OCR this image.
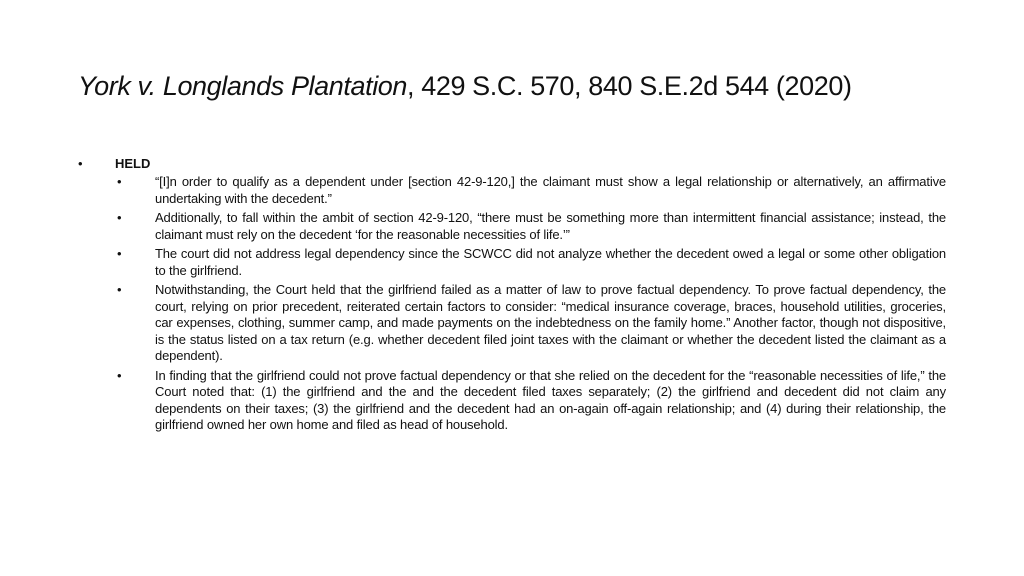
York v. Longlands Plantation, 429 S.C. 570, 840 S.E.2d 544 (2020)
• HELD
•	“[I]n order to qualify as a dependent under [section 42-9-120,] the claimant must show a legal relationship or alternatively, an affirmative undertaking with the decedent.”
•	Additionally, to fall within the ambit of section 42-9-120, “there must be something more than intermittent financial assistance; instead, the claimant must rely on the decedent ‘for the reasonable necessities of life.’”
•	The court did not address legal dependency since the SCWCC did not analyze whether the decedent owed a legal or some other obligation to the girlfriend.
•	Notwithstanding, the Court held that the girlfriend failed as a matter of law to prove factual dependency. To prove factual dependency, the court, relying on prior precedent, reiterated certain factors to consider: “medical insurance coverage, braces, household utilities, groceries, car expenses, clothing, summer camp, and made payments on the indebtedness on the family home.” Another factor, though not dispositive, is the status listed on a tax return (e.g. whether decedent filed joint taxes with the claimant or whether the decedent listed the claimant as a dependent).
•	In finding that the girlfriend could not prove factual dependency or that she relied on the decedent for the “reasonable necessities of life,” the Court noted that: (1) the girlfriend and the and the decedent filed taxes separately; (2) the girlfriend and decedent did not claim any dependents on their taxes; (3) the girlfriend and the decedent had an on-again off-again relationship; and (4) during their relationship, the girlfriend owned her own home and filed as head of household.
